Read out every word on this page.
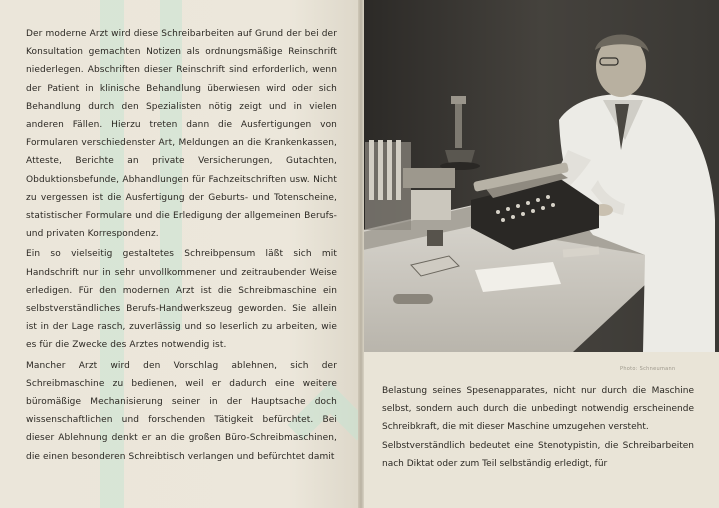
Der moderne Arzt wird diese Schreibarbeiten auf Grund der bei der Konsultation gemachten Notizen als ordnungsmäßige Reinschrift niederlegen. Abschriften dieser Reinschrift sind erforderlich, wenn der Patient in klinische Behandlung überwiesen wird oder sich Behandlung durch den Spezialisten nötig zeigt und in vielen anderen Fällen. Hierzu treten dann die Ausfertigungen von Formularen verschiedenster Art, Meldungen an die Krankenkassen, Atteste, Berichte an private Versicherungen, Gutachten, Obduktionsbefunde, Abhandlungen für Fachzeitschriften usw. Nicht zu vergessen ist die Ausfertigung der Geburts- und Totenscheine, statistischer Formulare und die Erledigung der allgemeinen Berufs- und privaten Korrespondenz.

Ein so vielseitig gestaltetes Schreibpensum läßt sich mit Handschrift nur in sehr unvollkommener und zeitraubender Weise erledigen. Für den modernen Arzt ist die Schreibmaschine ein selbstverständliches Berufs-Handwerkszeug geworden. Sie allein ist in der Lage rasch, zuverlässig und so leserlich zu arbeiten, wie es für die Zwecke des Arztes notwendig ist.

Mancher Arzt wird den Vorschlag ablehnen, sich der Schreibmaschine zu bedienen, weil er dadurch eine weitere büromäßige Mechanisierung seiner in der Hauptsache doch wissenschaftlichen und forschenden Tätigkeit befürchtet. Bei dieser Ablehnung denkt er an die großen Büro-Schreibmaschinen, die einen besonderen Schreibtisch verlangen und befürchtet damit

Photo: Schneumann

Belastung seines Spesenapparates, nicht nur durch die Maschine selbst, sondern auch durch die unbedingt notwendig erscheinende Schreibkraft, die mit dieser Maschine umzugehen versteht.

Selbstverständlich bedeutet eine Stenotypistin, die Schreibarbeiten nach Diktat oder zum Teil selbständig erledigt, für
